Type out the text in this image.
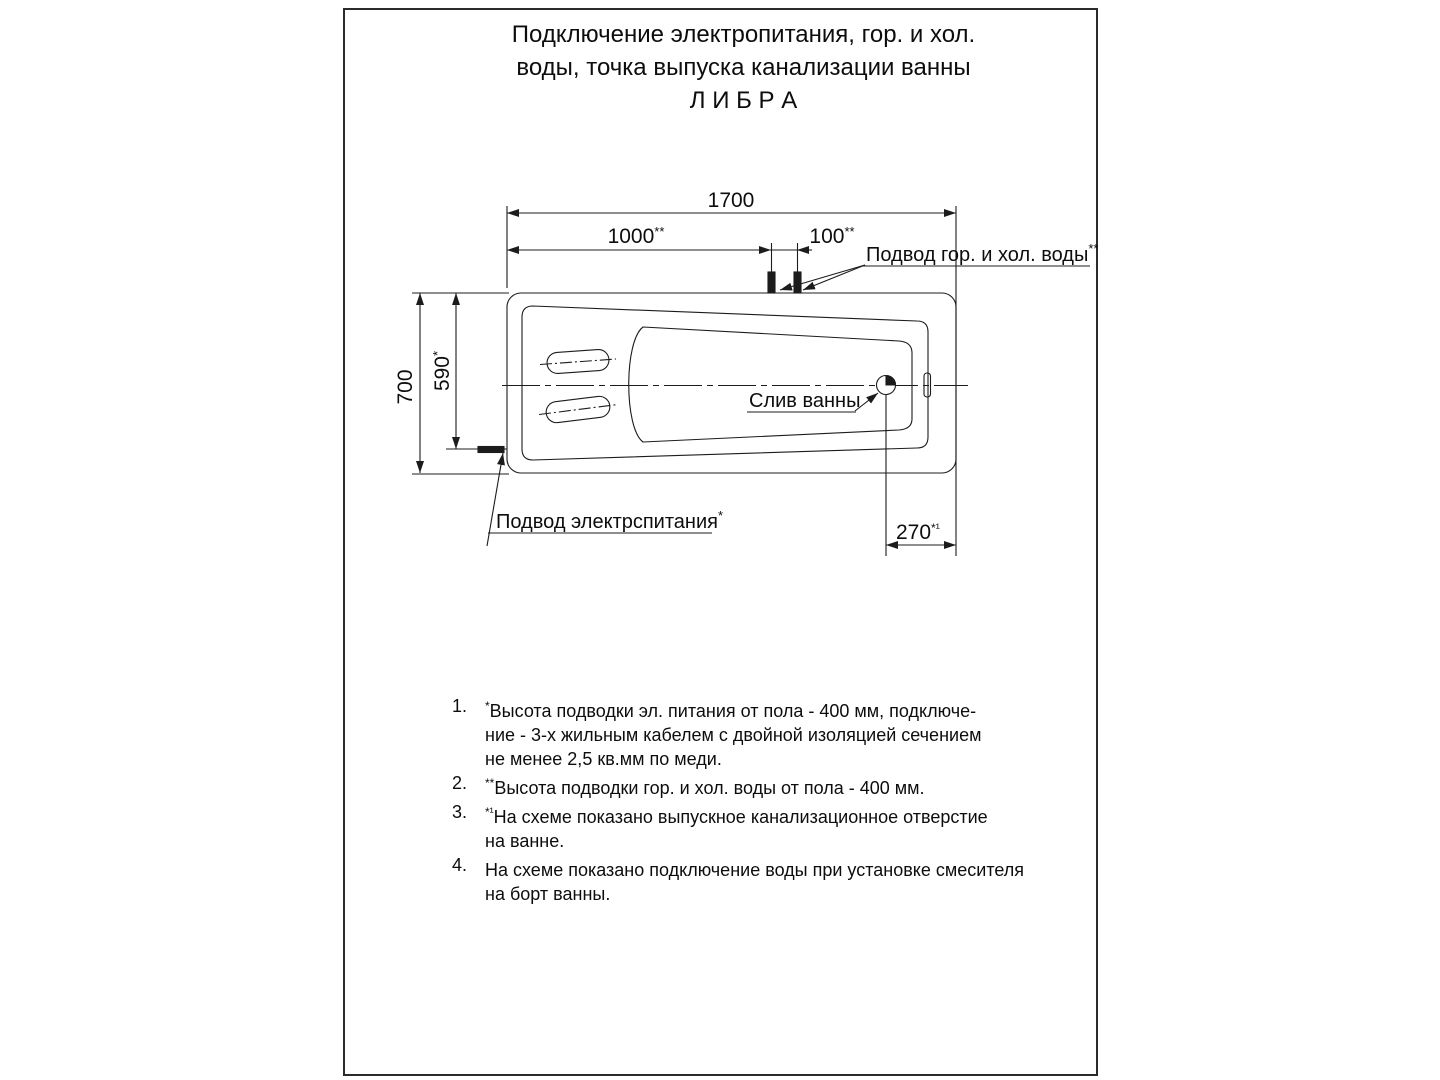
Подключение электропитания, гор. и хол.
воды, точка выпуска канализации ванны
Л И Б Р А
1700
1000**	100**
700 590*
$270^{*^1}$
Подвод гор. и хол. воды**
Слив ванны
Подвод электрспитания*
1.	*Высота подводки эл. питания от пола - 400 мм, подключе-
ние - 3-х жильным кабелем с двойной изоляцией сечением
не менее 2,5 кв.мм по меди.
2.	**Высота подводки гор. и хол. воды от пола - 400 мм.
3.	$^{*^1}$На схеме показано выпускное канализационное отверстие
на ванне.
4. На схеме показано подключение воды при установке смесителя
на борт ванны.
